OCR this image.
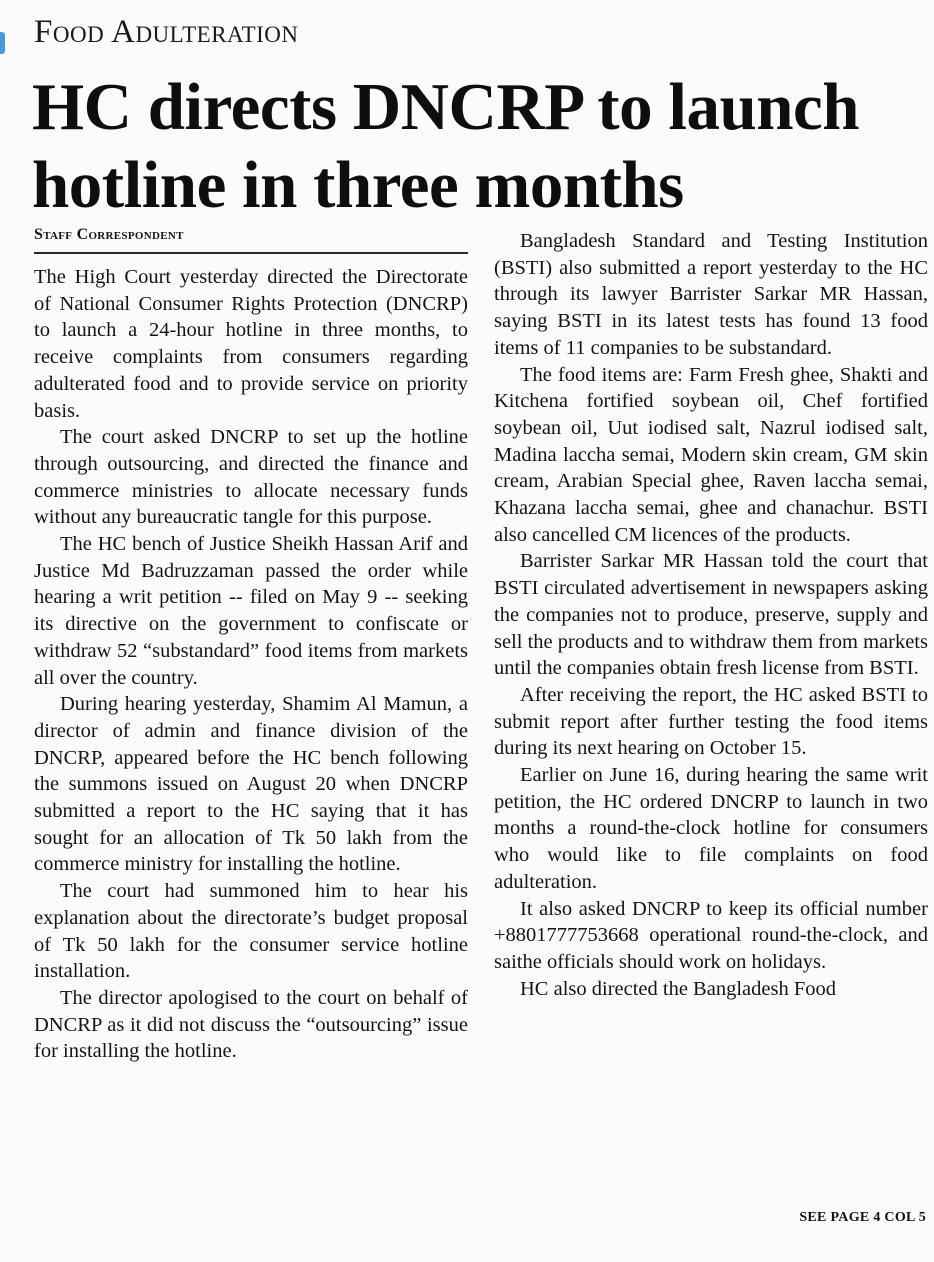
Food Adulteration
HC directs DNCRP to launch
hotline in three months
Staff Correspondent

The High Court yesterday directed the Directorate of National Consumer Rights Protection (DNCRP) to launch a 24-hour hotline in three months, to receive complaints from consumers regarding adulterated food and to provide service on priority basis.

The court asked DNCRP to set up the hotline through outsourcing, and directed the finance and commerce ministries to allocate necessary funds without any bureaucratic tangle for this purpose.

The HC bench of Justice Sheikh Hassan Arif and Justice Md Badruzzaman passed the order while hearing a writ petition -- filed on May 9 -- seeking its directive on the government to confiscate or withdraw 52 “substandard” food items from markets all over the country.

During hearing yesterday, Shamim Al Mamun, a director of admin and finance division of the DNCRP, appeared before the HC bench following the summons issued on August 20 when DNCRP submitted a report to the HC saying that it has sought for an allocation of Tk 50 lakh from the commerce ministry for installing the hotline.

The court had summoned him to hear his explanation about the directorate’s budget proposal of Tk 50 lakh for the consumer service hotline installation.

The director apologised to the court on behalf of DNCRP as it did not discuss the “outsourcing” issue for installing the hotline.

Bangladesh Standard and Testing Institution (BSTI) also submitted a report yesterday to the HC through its lawyer Barrister Sarkar MR Hassan, saying BSTI in its latest tests has found 13 food items of 11 companies to be substandard.

The food items are: Farm Fresh ghee, Shakti and Kitchena fortified soybean oil, Chef fortified soybean oil, Uut iodised salt, Nazrul iodised salt, Madina laccha semai, Modern skin cream, GM skin cream, Arabian Special ghee, Raven laccha semai, Khazana laccha semai, ghee and chanachur. BSTI also cancelled CM licences of the products.

Barrister Sarkar MR Hassan told the court that BSTI circulated advertisement in newspapers asking the companies not to produce, preserve, supply and sell the products and to withdraw them from markets until the companies obtain fresh license from BSTI.

After receiving the report, the HC asked BSTI to submit report after further testing the food items during its next hearing on October 15.

Earlier on June 16, during hearing the same writ petition, the HC ordered DNCRP to launch in two months a round-the-clock hotline for consumers who would like to file complaints on food adulteration.

It also asked DNCRP to keep its official number +8801777753668 operational round-the-clock, and saithe officials should work on holidays.

HC also directed the Bangladesh Food

SEE PAGE 4 COL 5
